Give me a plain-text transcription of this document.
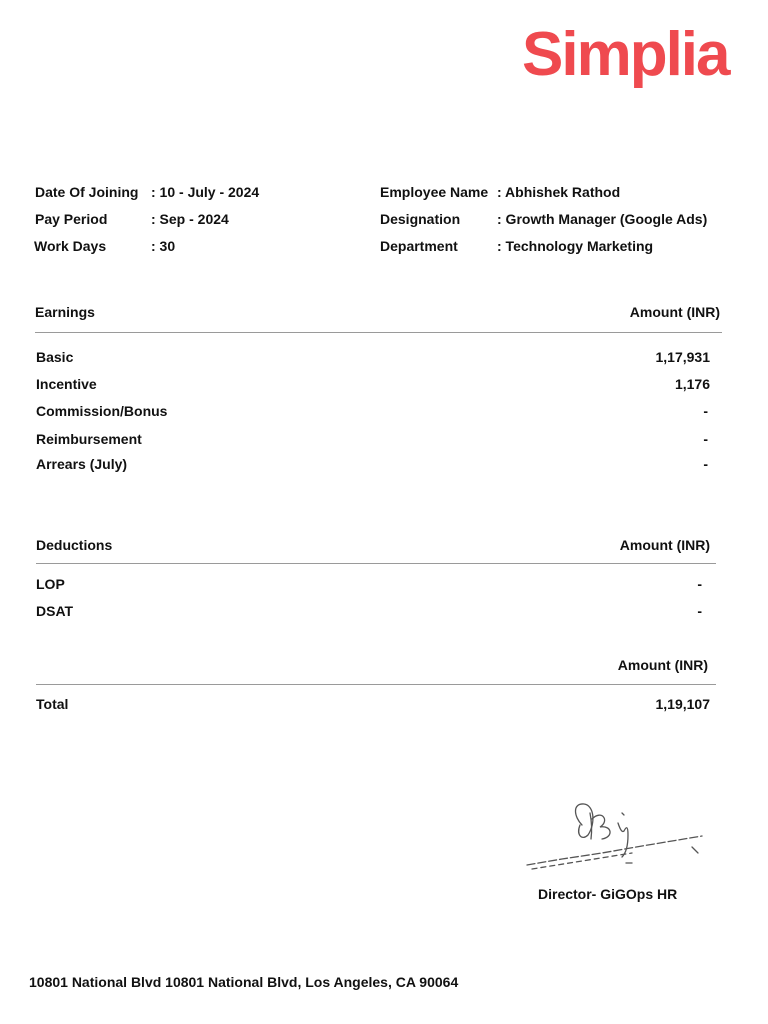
Simplia
Date Of Joining : 10 - July - 2024
Pay Period	: Sep - 2024
Work Days	: 30
Employee Name : Abhishek Rathod
Designation	: Growth Manager (Google Ads)
Department	: Technology Marketing
Earnings	Amount (INR)
Basic	1,17,931
Incentive	1,176
Commission/Bonus	-
Reimbursement	-
Arrears (July)	-
Deductions	Amount (INR)
LOP	-
DSAT	-
Amount (INR)
Total	1,19,107
Director- GiGOps HR
10801 National Blvd 10801 National Blvd, Los Angeles, CA 90064
